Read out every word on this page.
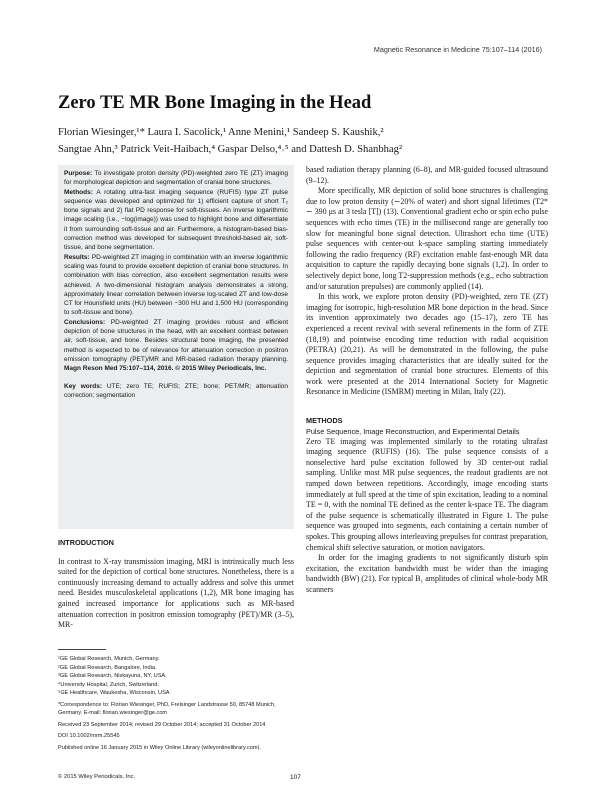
Magnetic Resonance in Medicine 75:107–114 (2016)
Zero TE MR Bone Imaging in the Head
Florian Wiesinger,¹* Laura I. Sacolick,¹ Anne Menini,¹ Sandeep S. Kaushik,²
Sangtae Ahn,³ Patrick Veit-Haibach,⁴ Gaspar Delso,⁴˒⁵ and Dattesh D. Shanbhag²

Purpose: To investigate proton density (PD)-weighted zero TE (ZT) imaging for morphological depiction and segmentation of cranial bone structures.
Methods: A rotating ultra-fast imaging sequence (RUFIS) type ZT pulse sequence was developed and optimized for 1) efficient capture of short T₂ bone signals and 2) flat PD response for soft-tissues. An inverse logarithmic image scaling (i.e., −log(image)) was used to highlight bone and differentiate it from surrounding soft-tissue and air. Furthermore, a histogram-based bias-correction method was developed for subsequent threshold-based air, soft-tissue, and bone segmentation.
Results: PD-weighted ZT imaging in combination with an inverse logarithmic scaling was found to provide excellent depiction of cranial bone structures. In combination with bias correction, also excellent segmentation results were achieved. A two-dimensional histogram analysis demonstrates a strong, approximately linear correlation between inverse log-scaled ZT and low-dose CT for Hounsfield units (HU) between −300 HU and 1,500 HU (corresponding to soft-tissue and bone).
Conclusions: PD-weighted ZT imaging provides robust and efficient depiction of bone structures in the head, with an excellent contrast between air, soft-tissue, and bone. Besides structural bone imaging, the presented method is expected to be of relevance for attenuation correction in positron emission tomography (PET)/MR and MR-based radiation therapy planning. Magn Reson Med 75:107–114, 2016. © 2015 Wiley Periodicals, Inc.

Key words: UTE; zero TE; RUFIS; ZTE; bone; PET/MR; attenuation correction; segmentation

based radiation therapy planning (6–8), and MR-guided focused ultrasound (9–12).

More specifically, MR depiction of solid bone structures is challenging due to low proton density (∼20% of water) and short signal lifetimes (T2* ∼ 390 μs at 3 tesla [T]) (13). Conventional gradient echo or spin echo pulse sequences with echo times (TE) in the millisecond range are generally too slow for meaningful bone signal detection. Ultrashort echo time (UTE) pulse sequences with center-out k-space sampling starting immediately following the radio frequency (RF) excitation enable fast-enough MR data acquisition to capture the rapidly decaying bone signals (1,2). In order to selectively depict bone, long T2-suppression methods (e.g., echo subtraction and/or saturation prepulses) are commonly applied (14).

In this work, we explore proton density (PD)-weighted, zero TE (ZT) imaging for isotropic, high-resolution MR bone depiction in the head. Since its invention approximately two decades ago (15–17), zero TE has experienced a recent revival with several refinements in the form of ZTE (18,19) and pointwise encoding time reduction with radial acquisition (PETRA) (20,21). As will be demonstrated in the following, the pulse sequence provides imaging characteristics that are ideally suited for the depiction and segmentation of cranial bone structures. Elements of this work were presented at the 2014 International Society for Magnetic Resonance in Medicine (ISMRM) meeting in Milan, Italy (22).

METHODS

Pulse Sequence, Image Reconstruction, and Experimental Details

Zero TE imaging was implemented similarly to the rotating ultrafast imaging sequence (RUFIS) (16). The pulse sequence consists of a nonselective hard pulse excitation followed by 3D center-out radial sampling. Unlike most MR pulse sequences, the readout gradients are not ramped down between repetitions. Accordingly, image encoding starts immediately at full speed at the time of spin excitation, leading to a nominal TE = 0, with the nominal TE defined as the center k-space TE. The diagram of the pulse sequence is schematically illustrated in Figure 1. The pulse sequence was grouped into segments, each containing a certain number of spokes. This grouping allows interleaving prepulses for contrast preparation, chemical shift selective saturation, or motion navigators.

In order for the imaging gradients to not significantly disturb spin excitation, the excitation bandwidth must be wider than the imaging bandwidth (BW) (21). For typical B₁ amplitudes of clinical whole-body MR scanners

INTRODUCTION

In contrast to X-ray transmission imaging, MRI is intrinsically much less suited for the depiction of cortical bone structures. Nonetheless, there is a continuously increasing demand to actually address and solve this unmet need. Besides musculoskeletal applications (1,2), MR bone imaging has gained increased importance for applications such as MR-based attenuation correction in positron emission tomography (PET)/MR (3–5), MR-

¹GE Global Research, Munich, Germany.

²GE Global Research, Bangalore, India.

³GE Global Research, Niskayuna, NY, USA.

⁴University Hospital, Zurich, Switzerland.

⁵GE Healthcare, Waukesha, Wisconsin, USA

*Correspondence to: Florian Wiesinger, PhD, Freisinger Landstrasse 50, 85748 Munich, Germany. E-mail: florian.wiesinger@ge.com

Received 23 September 2014; revised 29 October 2014; accepted 31 October 2014

DOI 10.1002/mrm.25545

Published online 16 January 2015 in Wiley Online Library (wileyonlinelibrary.com).

© 2015 Wiley Periodicals, Inc.	107
